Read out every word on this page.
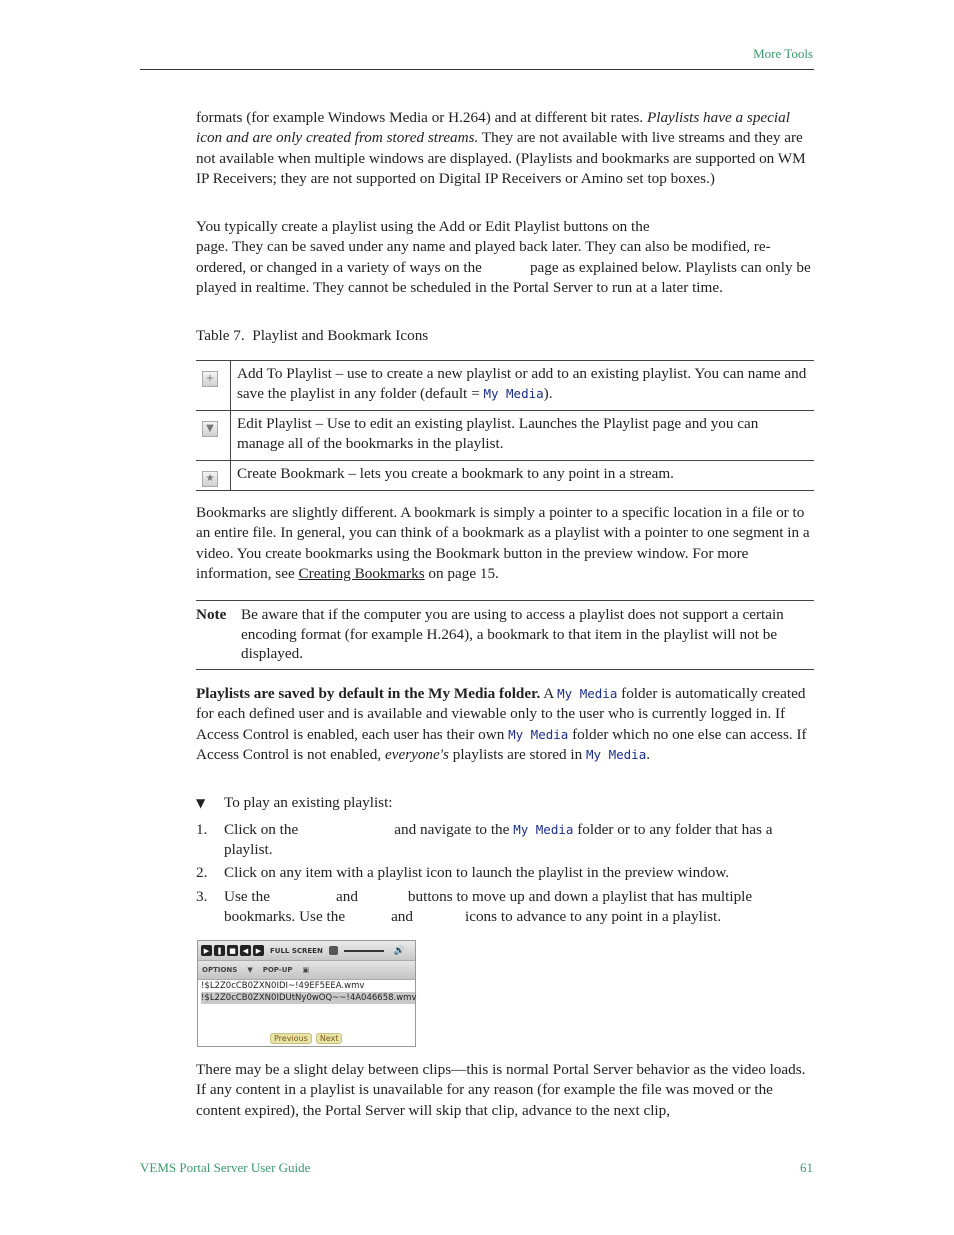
More Tools

formats (for example Windows Media or H.264) and at different bit rates. Playlists have a special icon and are only created from stored streams. They are not available with live streams and they are not available when multiple windows are displayed. (Playlists and bookmarks are supported on WM IP Receivers; they are not supported on Digital IP Receivers or Amino set top boxes.)

You typically create a playlist using the Add or Edit Playlist buttons on the
page. They can be saved under any name and played back later. They can also be modified, re-ordered, or changed in a variety of ways on the	page as explained below. Playlists can only be played in realtime. They cannot be scheduled in the Portal Server to run at a later time.

Table 7. Playlist and Bookmark Icons

+	Add To Playlist – use to create a new playlist or add to an existing playlist. You can name and save the playlist in any folder (default = My Media).

▼	Edit Playlist – Use to edit an existing playlist. Launches the Playlist page and you can manage all of the bookmarks in the playlist.

★	Create Bookmark – lets you create a bookmark to any point in a stream.

Bookmarks are slightly different. A bookmark is simply a pointer to a specific location in a file or to an entire file. In general, you can think of a bookmark as a playlist with a pointer to one segment in a video. You create bookmarks using the Bookmark button in the preview window. For more information, see Creating Bookmarks on page 15.

Note Be aware that if the computer you are using to access a playlist does not support a certain encoding format (for example H.264), a bookmark to that item in the playlist will not be displayed.

Playlists are saved by default in the My Media folder. A My Media folder is automatically created for each defined user and is available and viewable only to the user who is currently logged in. If Access Control is enabled, each user has their own My Media folder which no one else can access. If Access Control is not enabled, everyone's playlists are stored in My Media.

▼	To play an existing playlist:
1.	Click on the	and navigate to the My Media folder or to any folder that has a playlist.
2.	Click on any item with a playlist icon to launch the playlist in the preview window.
3.	Use the	and	buttons to move up and down a playlist that has multiple bookmarks. Use the	and	icons to advance to any point in a playlist.
▶	❚ ■ ◀	▶	FULL SCREEN	🔊
OPTIONS ▼ POP-UP ▣
!$L2Z0cCB0ZXN0IDI~!49EF5EEA.wmv
!$L2Z0cCB0ZXN0IDUtNy0wOQ~~!4A046658.wmv
Previous	Next

There may be a slight delay between clips—this is normal Portal Server behavior as the video loads. If any content in a playlist is unavailable for any reason (for example the file was moved or the content expired), the Portal Server will skip that clip, advance to the next clip,

VEMS Portal Server User Guide	61
